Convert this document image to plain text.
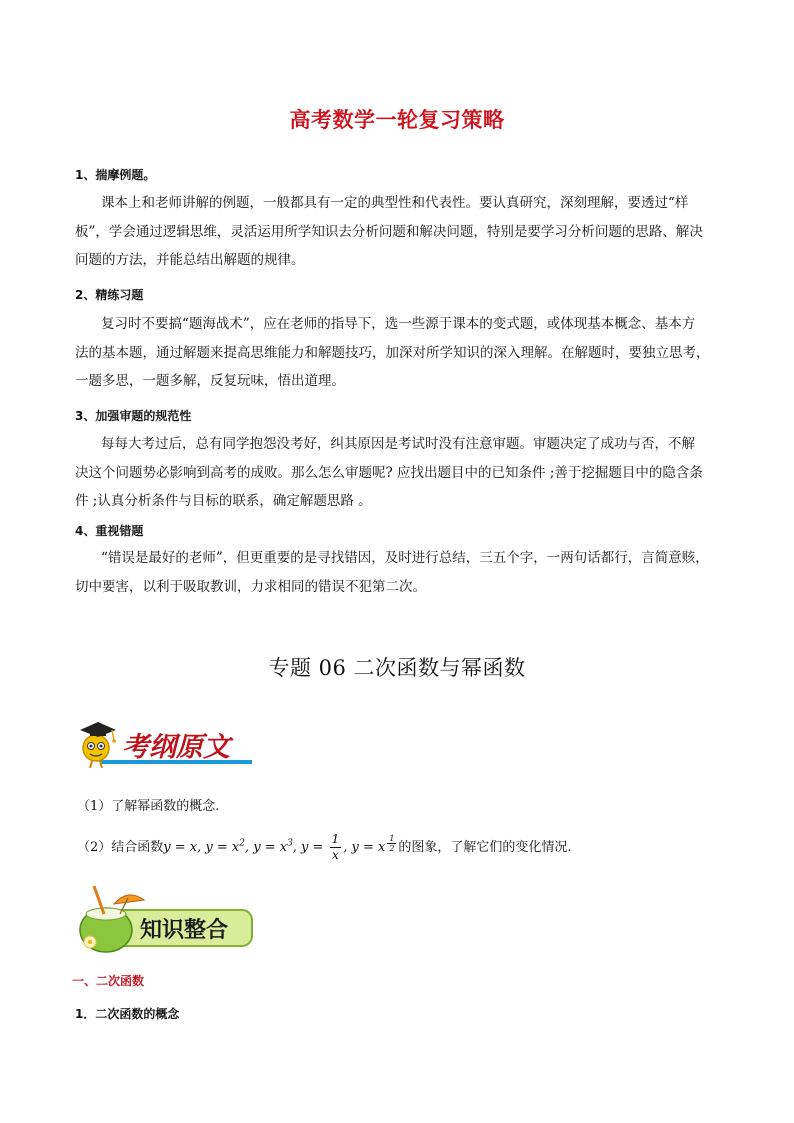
高考数学一轮复习策略
1、揣摩例题。
课本上和老师讲解的例题，一般都具有一定的典型性和代表性。要认真研究，深刻理解，要透过“样
板”，学会通过逻辑思维，灵活运用所学知识去分析问题和解决问题，特别是要学习分析问题的思路、解决
问题的方法，并能总结出解题的规律。
2、精练习题
复习时不要搞“题海战术”，应在老师的指导下，选一些源于课本的变式题，或体现基本概念、基本方
法的基本题，通过解题来提高思维能力和解题技巧，加深对所学知识的深入理解。在解题时，要独立思考，
一题多思，一题多解，反复玩味，悟出道理。
3、加强审题的规范性
每每大考过后，总有同学抱怨没考好，纠其原因是考试时没有注意审题。审题决定了成功与否，不解
决这个问题势必影响到高考的成败。那么怎么审题呢? 应找出题目中的已知条件 ;善于挖掘题目中的隐含条
件 ;认真分析条件与目标的联系，确定解题思路 。
4、重视错题
“错误是最好的老师”，但更重要的是寻找错因，及时进行总结，三五个字，一两句话都行，言简意赅，
切中要害，以利于吸取教训，力求相同的错误不犯第二次。
专题 06 二次函数与幂函数
考纲原文
（1）了解幂函数的概念.
（2）结合函数y = x, $y = x^2$, $y = x^3$, $y = \frac{1}{x}$ , y = x $^{\frac{1}{2}}$ 的图象，了解它们的变化情况.
知识整合
一、二次函数
1．二次函数的概念
